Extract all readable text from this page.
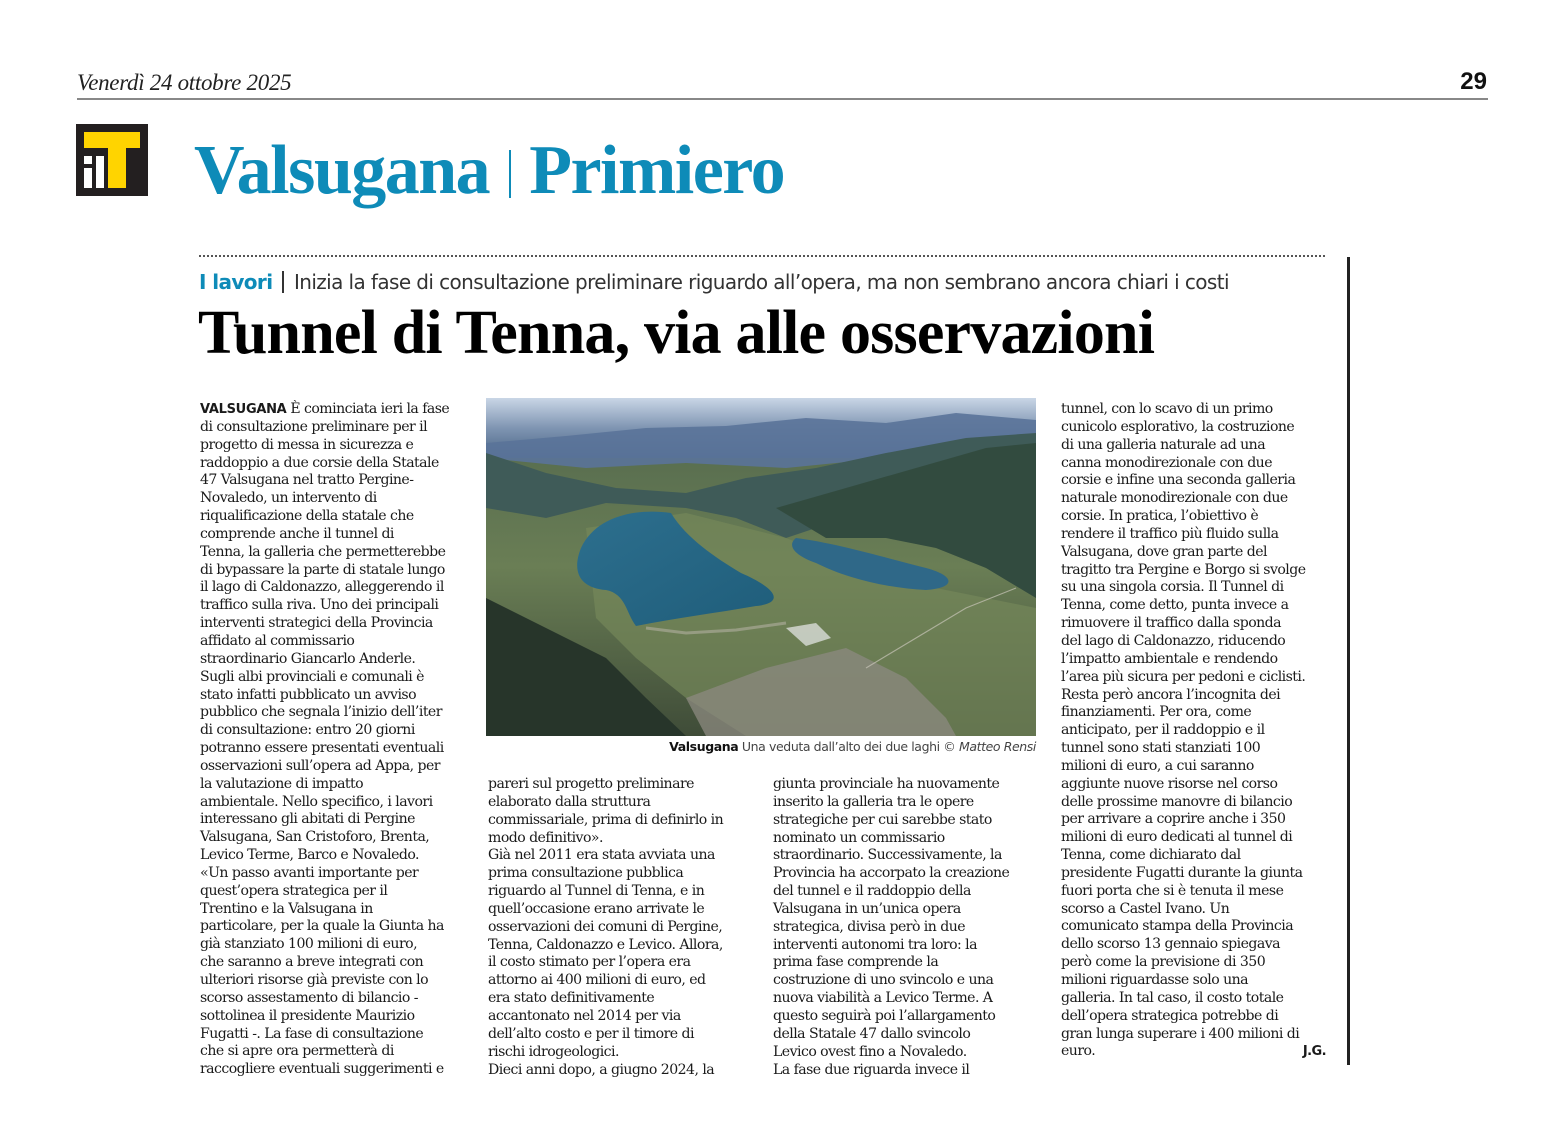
Venerdì 24 ottobre 2025	29
Valsugana Primiero
I lavori Inizia la fase di consultazione preliminare riguardo all’opera, ma non sembrano ancora chiari i costi
Tunnel di Tenna, via alle osservazioni
Valsugana Una veduta dall’alto dei due laghi © Matteo Rensi

VALSUGANA È cominciata ieri la fase

di consultazione preliminare per il

progetto di messa in sicurezza e

raddoppio a due corsie della Statale

47 Valsugana nel tratto Pergine-

Novaledo, un intervento di

riqualificazione della statale che

comprende anche il tunnel di

Tenna, la galleria che permetterebbe

di bypassare la parte di statale lungo

il lago di Caldonazzo, alleggerendo il

traffico sulla riva. Uno dei principali

interventi strategici della Provincia

affidato al commissario

straordinario Giancarlo Anderle.

Sugli albi provinciali e comunali è

stato infatti pubblicato un avviso

pubblico che segnala l’inizio dell’iter

di consultazione: entro 20 giorni

potranno essere presentati eventuali

osservazioni sull’opera ad Appa, per

la valutazione di impatto

ambientale. Nello specifico, i lavori

interessano gli abitati di Pergine

Valsugana, San Cristoforo, Brenta,

Levico Terme, Barco e Novaledo.

«Un passo avanti importante per

quest’opera strategica per il

Trentino e la Valsugana in

particolare, per la quale la Giunta ha

già stanziato 100 milioni di euro,

che saranno a breve integrati con

ulteriori risorse già previste con lo

scorso assestamento di bilancio -

sottolinea il presidente Maurizio

Fugatti -. La fase di consultazione

che si apre ora permetterà di

raccogliere eventuali suggerimenti e

pareri sul progetto preliminare

elaborato dalla struttura

commissariale, prima di definirlo in

modo definitivo».

Già nel 2011 era stata avviata una

prima consultazione pubblica

riguardo al Tunnel di Tenna, e in

quell’occasione erano arrivate le

osservazioni dei comuni di Pergine,

Tenna, Caldonazzo e Levico. Allora,

il costo stimato per l’opera era

attorno ai 400 milioni di euro, ed

era stato definitivamente

accantonato nel 2014 per via

dell’alto costo e per il timore di

rischi idrogeologici.

Dieci anni dopo, a giugno 2024, la

giunta provinciale ha nuovamente

inserito la galleria tra le opere

strategiche per cui sarebbe stato

nominato un commissario

straordinario. Successivamente, la

Provincia ha accorpato la creazione

del tunnel e il raddoppio della

Valsugana in un’unica opera

strategica, divisa però in due

interventi autonomi tra loro: la

prima fase comprende la

costruzione di uno svincolo e una

nuova viabilità a Levico Terme. A

questo seguirà poi l’allargamento

della Statale 47 dallo svincolo

Levico ovest fino a Novaledo.

La fase due riguarda invece il

tunnel, con lo scavo di un primo

cunicolo esplorativo, la costruzione

di una galleria naturale ad una

canna monodirezionale con due

corsie e infine una seconda galleria

naturale monodirezionale con due

corsie. In pratica, l’obiettivo è

rendere il traffico più fluido sulla

Valsugana, dove gran parte del

tragitto tra Pergine e Borgo si svolge

su una singola corsia. Il Tunnel di

Tenna, come detto, punta invece a

rimuovere il traffico dalla sponda

del lago di Caldonazzo, riducendo

l’impatto ambientale e rendendo

l’area più sicura per pedoni e ciclisti.

Resta però ancora l’incognita dei

finanziamenti. Per ora, come

anticipato, per il raddoppio e il

tunnel sono stati stanziati 100

milioni di euro, a cui saranno

aggiunte nuove risorse nel corso

delle prossime manovre di bilancio

per arrivare a coprire anche i 350

milioni di euro dedicati al tunnel di

Tenna, come dichiarato dal

presidente Fugatti durante la giunta

fuori porta che si è tenuta il mese

scorso a Castel Ivano. Un

comunicato stampa della Provincia

dello scorso 13 gennaio spiegava

però come la previsione di 350

milioni riguardasse solo una

galleria. In tal caso, il costo totale

dell’opera strategica potrebbe di

gran lunga superare i 400 milioni di

euro.	J.G.
